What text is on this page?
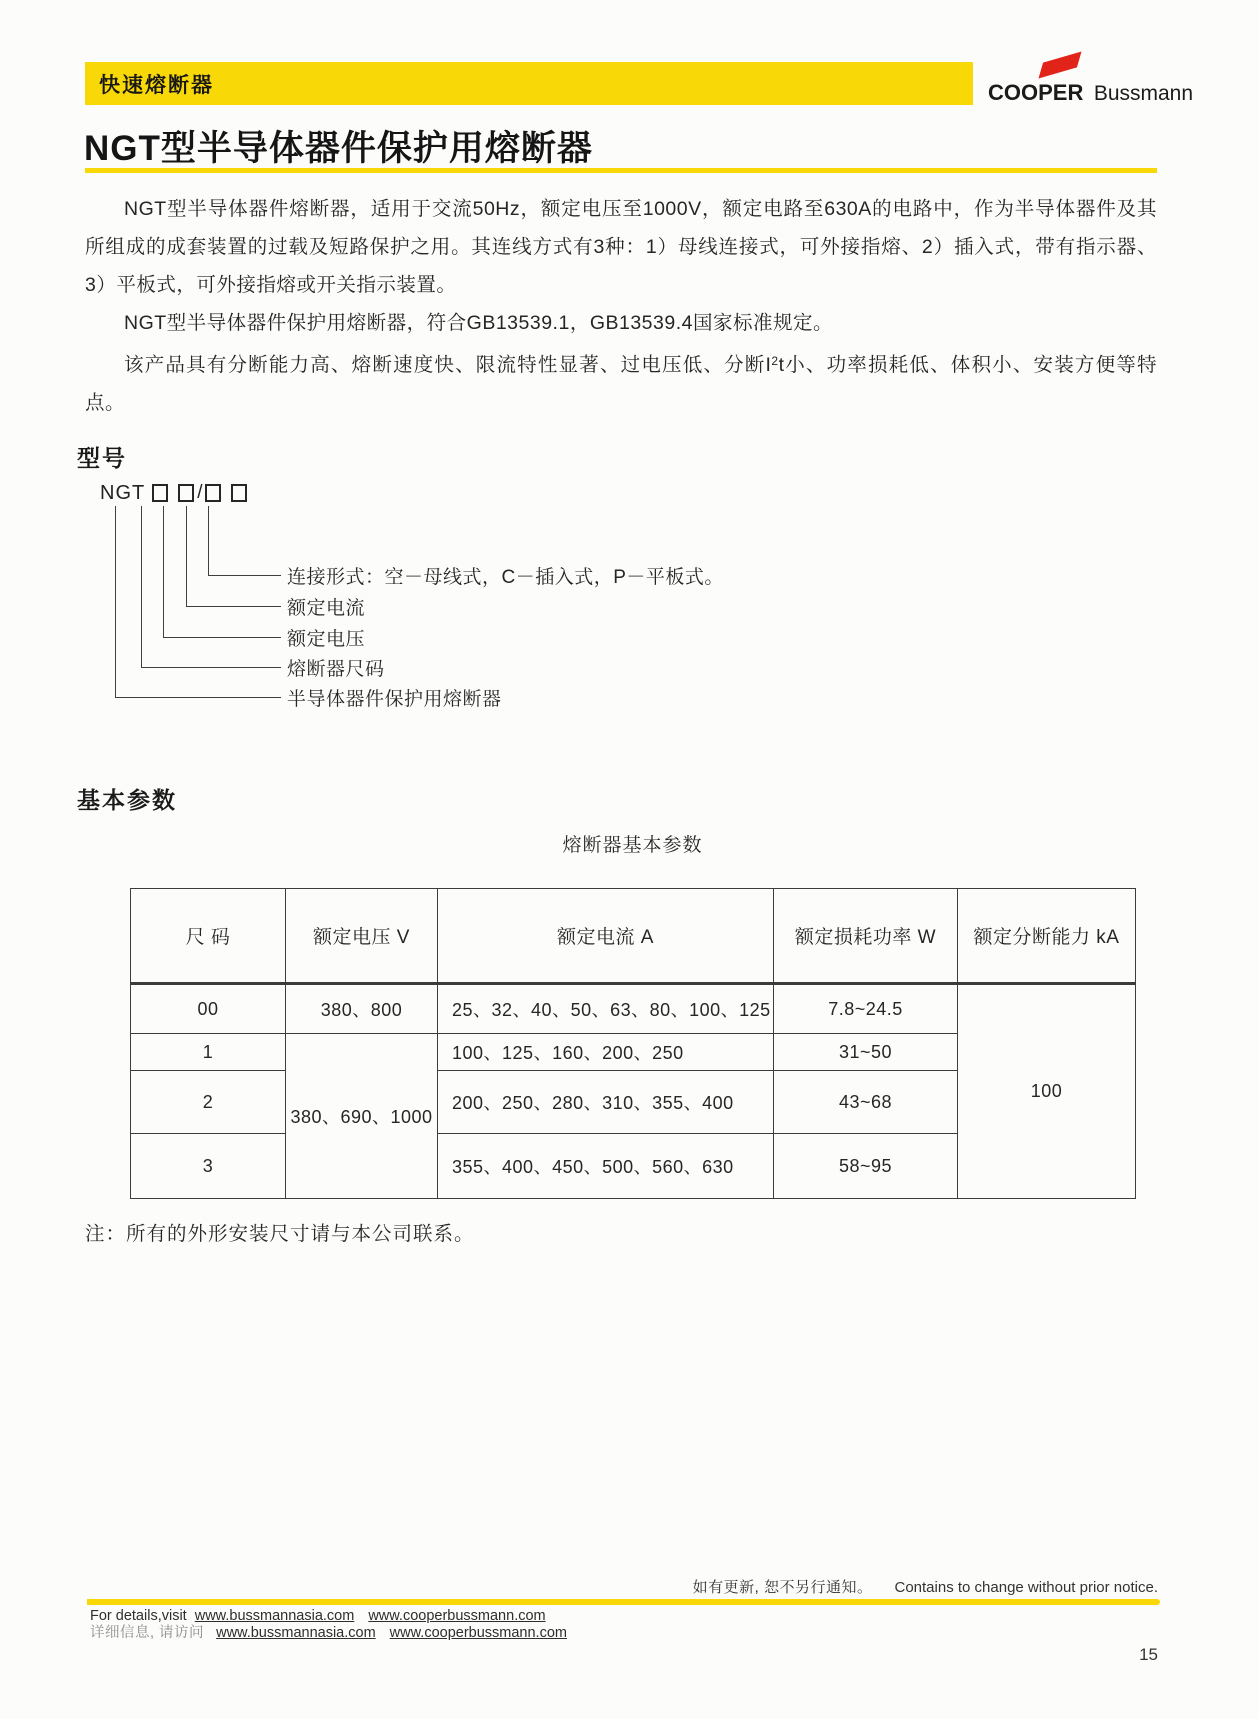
快速熔断器	COOPER Bussmann
NGT型半导体器件保护用熔断器

NGT型半导体器件熔断器，适用于交流50Hz，额定电压至1000V，额定电路至630A的电路中，作为半导体器件及其所组成的成套装置的过载及短路保护之用。其连线方式有3种：1）母线连接式，可外接指熔、2）插入式，带有指示器、3）平板式，可外接指熔或开关指示装置。

NGT型半导体器件保护用熔断器，符合GB13539.1，GB13539.4国家标准规定。

该产品具有分断能力高、熔断速度快、限流特性显著、过电压低、分断$I^2t$小、功率损耗低、体积小、安装方便等特点。

型号
NGT	/
连接形式：空－母线式，C－插入式，P－平板式。
额定电流
额定电压
熔断器尺码
半导体器件保护用熔断器
基本参数
熔断器基本参数
尺 码	额定电压 V	额定电流 A	额定损耗功率 W	额定分断能力 kA
00	380、800	25、32、40、50、63、80、100、125	7.8~24.5	100
1	380、690、1000	100、125、160、200、250	31~50	
2		200、250、280、310、355、400	43~68	
3		355、400、450、500、560、630	58~95	
注：所有的外形安装尺寸请与本公司联系。
如有更新, 恕不另行通知。 Contains to change without prior notice.

For details,visit www.bussmannasia.com www.cooperbussmann.com

详细信息, 请访问 www.bussmannasia.com www.cooperbussmann.com

15
